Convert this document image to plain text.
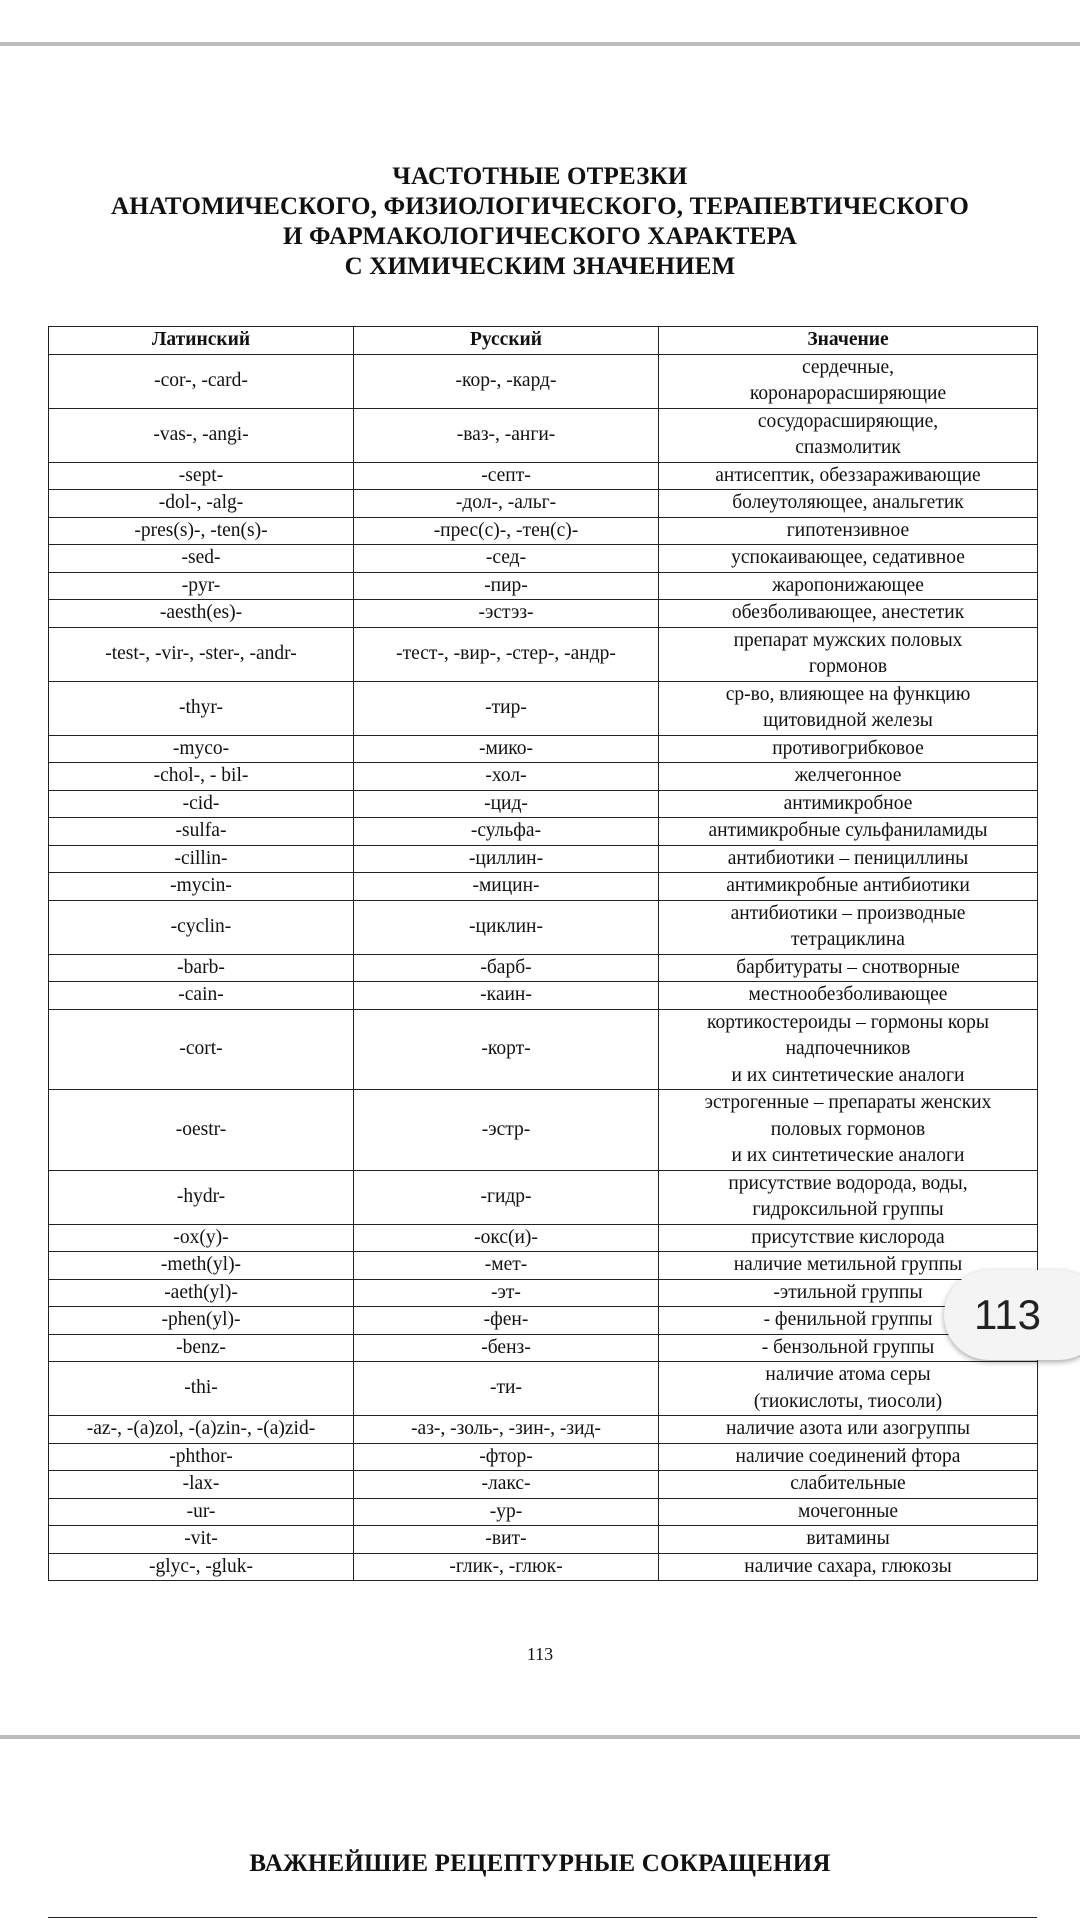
ЧАСТОТНЫЕ ОТРЕЗКИ
АНАТОМИЧЕСКОГО, ФИЗИОЛОГИЧЕСКОГО, ТЕРАПЕВТИЧЕСКОГО
И ФАРМАКОЛОГИЧЕСКОГО ХАРАКТЕРА
С ХИМИЧЕСКИМ ЗНАЧЕНИЕМ
Латинский	Русский	Значение
-cor-, -card-	-кор-, -кард-	сердечные,
коронарорасширяющие

-vas-, -angi-	-ваз-, -анги-	сосудорасширяющие,
спазмолитик

-sept-	-септ-	антисептик, обеззараживающие

-dol-, -alg-	-дол-, -альг-	болеутоляющее, анальгетик

-pres(s)-, -ten(s)-	-прес(с)-, -тен(с)-	гипотензивное

-sed-	-сед-	успокаивающее, седативное

-pyr-	-пир-	жаропонижающее

-aesth(es)-	-эстэз-	обезболивающее, анестетик

-test-, -vir-, -ster-, -andr-	-тест-, -вир-, -стер-, -андр-	препарат мужских половых
гормонов

-thyr-	-тир-	ср-во, влияющее на функцию
щитовидной железы

-myco-	-мико-	противогрибковое

-chol-, - bil-	-хол-	желчегонное

-cid-	-цид-	антимикробное

-sulfa-	-сульфа-	антимикробные сульфаниламиды

-cillin-	-циллин-	антибиотики – пенициллины

-mycin-	-мицин-	антимикробные антибиотики

-cyclin-	-циклин-	антибиотики – производные
тетрациклина

-barb-	-барб-	барбитураты – снотворные

-cain-	-каин-	местнообезболивающее

-cort-	-корт-	кортикостероиды – гормоны коры
надпочечников
и их синтетические аналоги

-oestr-	-эстр-	эстрогенные – препараты женских
половых гормонов
и их синтетические аналоги

-hydr-	-гидр-	присутствие водорода, воды,
гидроксильной группы

-ox(y)-	-окс(и)-	присутствие кислорода

-meth(yl)-	-мет-	наличие метильной группы

-aeth(yl)-	-эт-	-этильной группы

-phen(yl)-	-фен-	- фенильной группы

-benz-	-бенз-	- бензольной группы

-thi-	-ти-	наличие атома серы
(тиокислоты, тиосоли)

-az-, -(a)zol, -(a)zin-, -(a)zid-	-аз-, -золь-, -зин-, -зид-	наличие азота или азогруппы

-phthor-	-фтор-	наличие соединений фтора

-lax-	-лакс-	слабительные

-ur-	-ур-	мочегонные

-vit-	-вит-	витамины

-glyc-, -gluk-	-глик-, -глюк-	наличие сахара, глюкозы
113
ВАЖНЕЙШИЕ РЕЦЕПТУРНЫЕ СОКРАЩЕНИЯ
113
